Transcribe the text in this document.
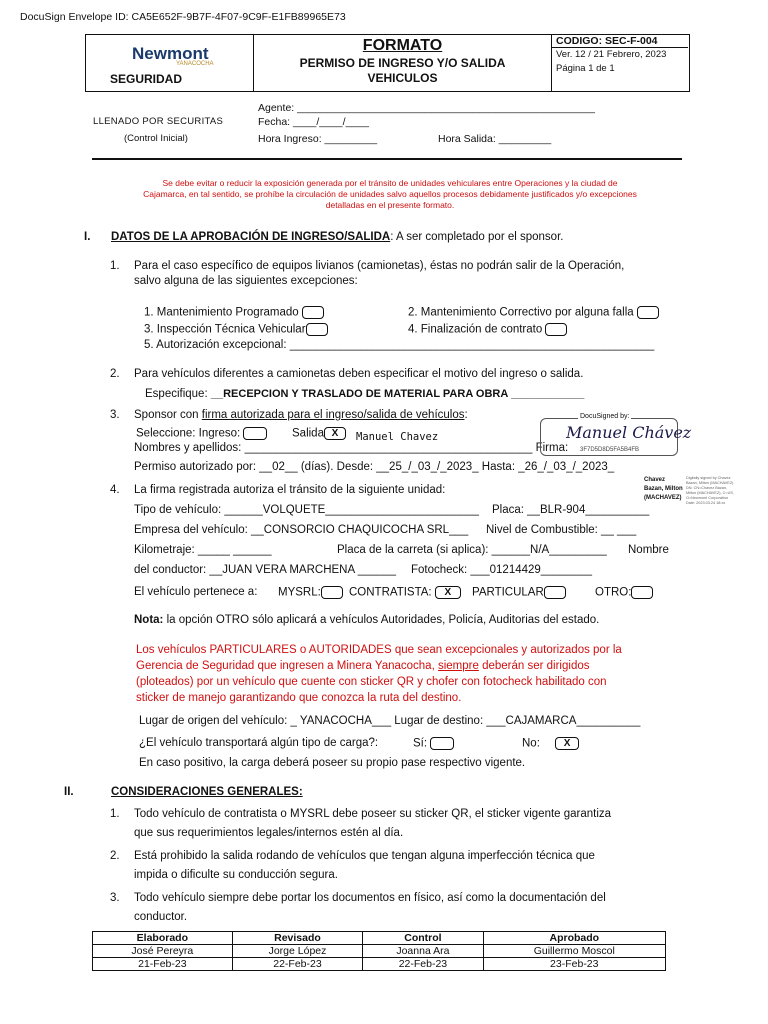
DocuSign Envelope ID: CA5E652F-9B7F-4F07-9C9F-E1FB89965E73
Newmont
YANACOCHA
SEGURIDAD
FORMATO
PERMISO DE INGRESO Y/O SALIDA
VEHICULOS
CODIGO: SEC-F-004
Ver. 12 / 21 Febrero, 2023
Página 1 de 1
LLENADO POR SECURITAS
(Control Inicial)
Agente: ___________________________________________________
Fecha: ____/____/____
Hora Ingreso: _________	Hora Salida: _________
Se debe evitar o reducir la exposición generada por el tránsito de unidades vehiculares entre Operaciones y la ciudad de
Cajamarca, en tal sentido, se prohíbe la circulación de unidades salvo aquellos procesos debidamente justificados y/o excepciones
detalladas en el presente formato.
I. DATOS DE LA APROBACIÓN DE INGRESO/SALIDA: A ser completado por el sponsor.
1. Para el caso específico de equipos livianos (camionetas), éstas no podrán salir de la Operación,
salvo alguna de las siguientes excepciones:
1. Mantenimiento Programado	2. Mantenimiento Correctivo por alguna falla
3. Inspección Técnica Vehicular	4. Finalización de contrato
5. Autorización excepcional: _________________________________________________________
2. Para vehículos diferentes a camionetas deben especificar el motivo del ingreso o salida.
Especifique: __RECEPCION Y TRASLADO DE MATERIAL PARA OBRA ____________
3. Sponsor con firma autorizada para el ingreso/salida de vehículos:
Seleccione: Ingreso:	Salida X	Manuel Chavez
Nombres y apellidos: _____________________________________________ Firma:
DocuSigned by:
Manuel Chávez
3F7D5D8D5FA5B4FB
Permiso autorizado por: __02__ (días). Desde: __25_/_03_/_2023_ Hasta: _26_/_03_/_2023_
Chavez
Bazan, Milton
(MACHAVEZ)
Digitally signed by Chavez Bazan, Milton (MACHAVEZ) DN: CN=Chavez Bazan, Milton (MACHAVEZ), C=US, O=Newmont Corporation Date: 2023.03.24 18:xx
4. La firma registrada autoriza el tránsito de la siguiente unidad:
Tipo de vehículo: ______VOLQUETE________________________ Placa: __BLR-904__________
Empresa del vehículo: __CONSORCIO CHAQUICOCHA SRL___ Nivel de Combustible: __ ___
Kilometraje: _____ ______	Placa de la carreta (si aplica): ______N/A_________ Nombre
del conductor: __JUAN VERA MARCHENA ______ Fotocheck: ___01214429________
El vehículo pertenece a: MYSRL:	CONTRATISTA: X	PARTICULAR	OTRO:
Nota: la opción OTRO sólo aplicará a vehículos Autoridades, Policía, Auditorias del estado.
Los vehículos PARTICULARES o AUTORIDADES que sean excepcionales y autorizados por la
Gerencia de Seguridad que ingresen a Minera Yanacocha, siempre deberán ser dirigidos
(ploteados) por un vehículo que cuente con sticker QR y chofer con fotocheck habilitado con
sticker de manejo garantizando que conozca la ruta del destino.
Lugar de origen del vehículo: _ YANACOCHA___ Lugar de destino: ___CAJAMARCA__________
¿El vehículo transportará algún tipo de carga?:	Sí:	No: X
En caso positivo, la carga deberá poseer su propio pase respectivo vigente.
II.	CONSIDERACIONES GENERALES:
1. Todo vehículo de contratista o MYSRL debe poseer su sticker QR, el sticker vigente garantiza
que sus requerimientos legales/internos estén al día.
2. Está prohibido la salida rodando de vehículos que tengan alguna imperfección técnica que
impida o dificulte su conducción segura.
3. Todo vehículo siempre debe portar los documentos en físico, así como la documentación del
conductor.
Elaborado	Revisado	Control	Aprobado
José Pereyra	Jorge López	Joanna Ara	Guillermo Moscol
21-Feb-23	22-Feb-23	22-Feb-23	23-Feb-23
